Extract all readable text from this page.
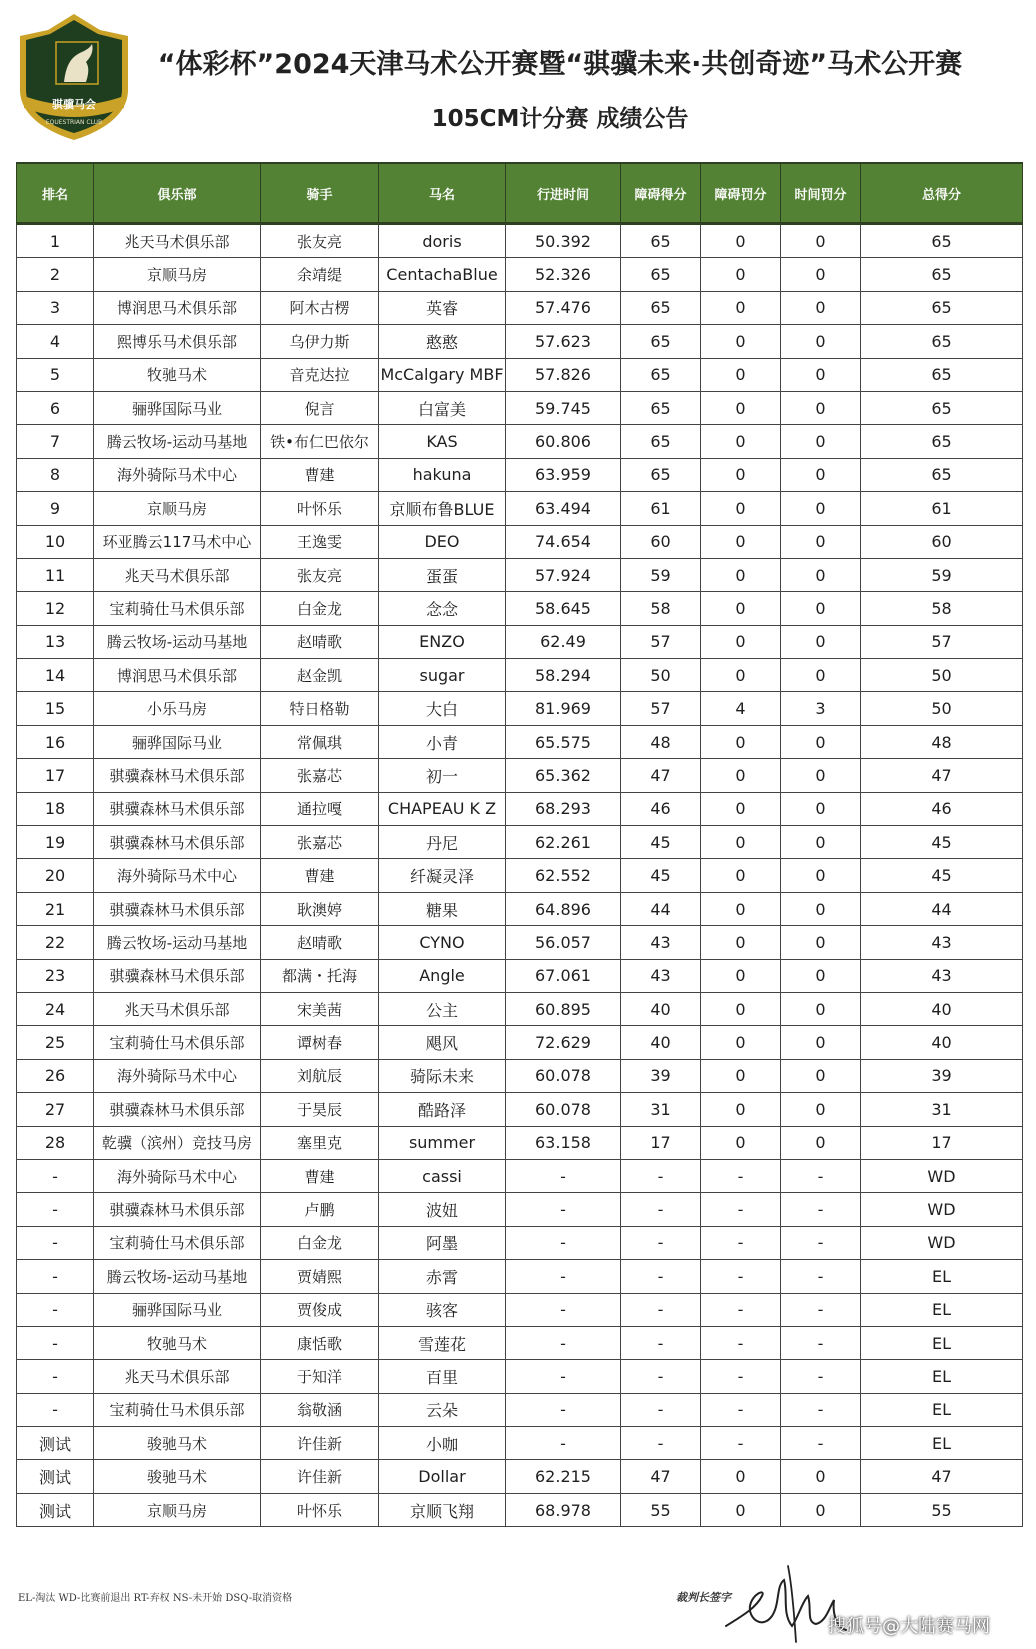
骐骥马会
EQUESTRIAN CLUB
“体彩杯”2024天津马术公开赛暨“骐骥未来·共创奇迹”马术公开赛
105CM计分赛 成绩公告
排名	俱乐部	骑手	马名	行进时间	障碍得分	障碍罚分	时间罚分	总得分
1	兆天马术俱乐部	张友亮	doris	50.392	65	0	0	65
2	京顺马房	余靖缇	CentachaBlue	52.326	65	0	0	65
3	博润思马术俱乐部	阿木古楞	英睿	57.476	65	0	0	65
4	熙博乐马术俱乐部	乌伊力斯	憨憨	57.623	65	0	0	65
5	牧驰马术	音克达拉	McCalgary MBF	57.826	65	0	0	65
6	骊骅国际马业	倪言	白富美	59.745	65	0	0	65
7	腾云牧场-运动马基地	铁•布仁巴依尔	KAS	60.806	65	0	0	65
8	海外骑际马术中心	曹建	hakuna	63.959	65	0	0	65
9	京顺马房	叶怀乐	京顺布鲁BLUE	63.494	61	0	0	61
10	环亚腾云117马术中心	王逸雯	DEO	74.654	60	0	0	60
11	兆天马术俱乐部	张友亮	蛋蛋	57.924	59	0	0	59
12	宝莉骑仕马术俱乐部	白金龙	念念	58.645	58	0	0	58
13	腾云牧场-运动马基地	赵晴歌	ENZO	62.49	57	0	0	57
14	博润思马术俱乐部	赵金凯	sugar	58.294	50	0	0	50
15	小乐马房	特日格勒	大白	81.969	57	4	3	50
16	骊骅国际马业	常佩琪	小青	65.575	48	0	0	48
17	骐骥森林马术俱乐部	张嘉芯	初一	65.362	47	0	0	47
18	骐骥森林马术俱乐部	通拉嘎	CHAPEAU K Z	68.293	46	0	0	46
19	骐骥森林马术俱乐部	张嘉芯	丹尼	62.261	45	0	0	45
20	海外骑际马术中心	曹建	纤凝灵泽	62.552	45	0	0	45
21	骐骥森林马术俱乐部	耿澳婷	糖果	64.896	44	0	0	44
22	腾云牧场-运动马基地	赵晴歌	CYNO	56.057	43	0	0	43
23	骐骥森林马术俱乐部	都满・托海	Angle	67.061	43	0	0	43
24	兆天马术俱乐部	宋美茜	公主	60.895	40	0	0	40
25	宝莉骑仕马术俱乐部	谭树春	飓风	72.629	40	0	0	40
26	海外骑际马术中心	刘航辰	骑际未来	60.078	39	0	0	39
27	骐骥森林马术俱乐部	于昊辰	酷路泽	60.078	31	0	0	31
28	乾骥（滨州）竞技马房	塞里克	summer	63.158	17	0	0	17
-	海外骑际马术中心	曹建	cassi	-	-	-	-	WD
-	骐骥森林马术俱乐部	卢鹏	波妞	-	-	-	-	WD
-	宝莉骑仕马术俱乐部	白金龙	阿墨	-	-	-	-	WD
-	腾云牧场-运动马基地	贾婧熙	赤霄	-	-	-	-	EL
-	骊骅国际马业	贾俊成	骇客	-	-	-	-	EL
-	牧驰马术	康恬歌	雪莲花	-	-	-	-	EL
-	兆天马术俱乐部	于知洋	百里	-	-	-	-	EL
-	宝莉骑仕马术俱乐部	翁敬涵	云朵	-	-	-	-	EL
测试	骏驰马术	许佳新	小咖	-	-	-	-	EL
测试	骏驰马术	许佳新	Dollar	62.215	47	0	0	47
测试	京顺马房	叶怀乐	京顺飞翔	68.978	55	0	0	55
EL-淘汰 WD-比赛前退出 RT-弃权 NS-未开始 DSQ-取消资格	裁判长签字
搜狐号@大陆赛马网
